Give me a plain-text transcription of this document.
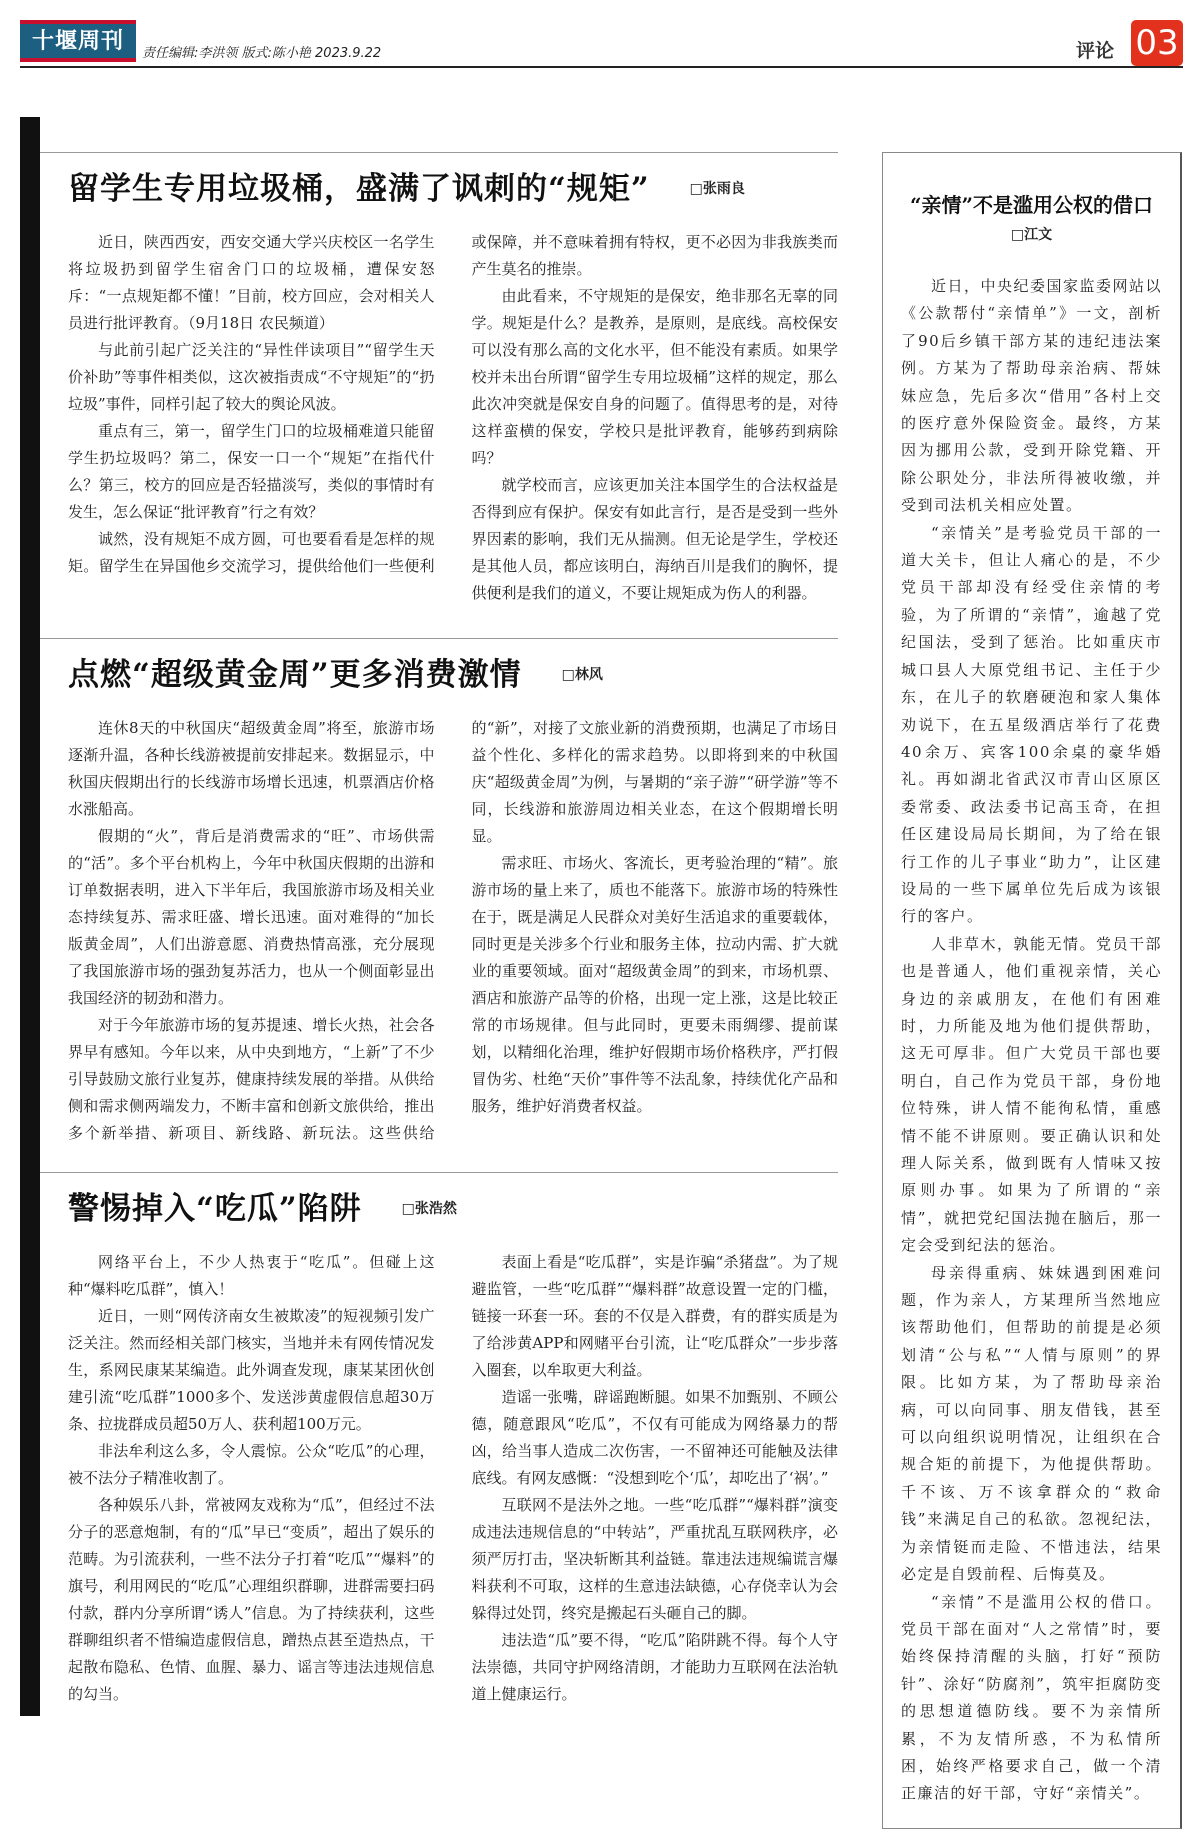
十堰周刊	责任编辑:李洪领 版式:陈小艳 2023.9.22	评论 03
留学生专用垃圾桶，盛满了讽刺的“规矩”	□张雨良

近日，陕西西安，西安交通大学兴庆校区一名学生将垃圾扔到留学生宿舍门口的垃圾桶，遭保安怒斥：“一点规矩都不懂！”目前，校方回应，会对相关人员进行批评教育。（9月18日 农民频道）

与此前引起广泛关注的“异性伴读项目”“留学生天价补助”等事件相类似，这次被指责成“不守规矩”的“扔垃圾”事件，同样引起了较大的舆论风波。

重点有三，第一，留学生门口的垃圾桶难道只能留学生扔垃圾吗？第二，保安一口一个“规矩”在指代什么？第三，校方的回应是否轻描淡写，类似的事情时有发生，怎么保证“批评教育”行之有效？

诚然，没有规矩不成方圆，可也要看看是怎样的规矩。留学生在异国他乡交流学习，提供给他们一些便利或保障，并不意味着拥有特权，更不必因为非我族类而产生莫名的推崇。

由此看来，不守规矩的是保安，绝非那名无辜的同学。规矩是什么？是教养，是原则，是底线。高校保安可以没有那么高的文化水平，但不能没有素质。如果学校并未出台所谓“留学生专用垃圾桶”这样的规定，那么此次冲突就是保安自身的问题了。值得思考的是，对待这样蛮横的保安，学校只是批评教育，能够药到病除吗？

就学校而言，应该更加关注本国学生的合法权益是否得到应有保护。保安有如此言行，是否是受到一些外界因素的影响，我们无从揣测。但无论是学生，学校还是其他人员，都应该明白，海纳百川是我们的胸怀，提供便利是我们的道义，不要让规矩成为伤人的利器。

点燃“超级黄金周”更多消费激情	□林风

连休8天的中秋国庆“超级黄金周”将至，旅游市场逐渐升温，各种长线游被提前安排起来。数据显示，中秋国庆假期出行的长线游市场增长迅速，机票酒店价格水涨船高。

假期的“火”，背后是消费需求的“旺”、市场供需的“活”。多个平台机构上，今年中秋国庆假期的出游和订单数据表明，进入下半年后，我国旅游市场及相关业态持续复苏、需求旺盛、增长迅速。面对难得的“加长版黄金周”，人们出游意愿、消费热情高涨，充分展现了我国旅游市场的强劲复苏活力，也从一个侧面彰显出我国经济的韧劲和潜力。

对于今年旅游市场的复苏提速、增长火热，社会各界早有感知。今年以来，从中央到地方，“上新”了不少引导鼓励文旅行业复苏，健康持续发展的举措。从供给侧和需求侧两端发力，不断丰富和创新文旅供给，推出多个新举措、新项目、新线路、新玩法。这些供给的“新”，对接了文旅业新的消费预期，也满足了市场日益个性化、多样化的需求趋势。以即将到来的中秋国庆“超级黄金周”为例，与暑期的“亲子游”“研学游”等不同，长线游和旅游周边相关业态，在这个假期增长明显。

需求旺、市场火、客流长，更考验治理的“精”。旅游市场的量上来了，质也不能落下。旅游市场的特殊性在于，既是满足人民群众对美好生活追求的重要载体，同时更是关涉多个行业和服务主体，拉动内需、扩大就业的重要领域。面对“超级黄金周”的到来，市场机票、酒店和旅游产品等的价格，出现一定上涨，这是比较正常的市场规律。但与此同时，更要未雨绸缪、提前谋划，以精细化治理，维护好假期市场价格秩序，严打假冒伪劣、杜绝“天价”事件等不法乱象，持续优化产品和服务，维护好消费者权益。

警惕掉入“吃瓜”陷阱	□张浩然

网络平台上，不少人热衷于“吃瓜”。但碰上这种“爆料吃瓜群”，慎入！

近日，一则“网传济南女生被欺凌”的短视频引发广泛关注。然而经相关部门核实，当地并未有网传情况发生，系网民康某某编造。此外调查发现，康某某团伙创建引流“吃瓜群”1000多个、发送涉黄虚假信息超30万条、拉拢群成员超50万人、获利超100万元。

非法牟利这么多，令人震惊。公众“吃瓜”的心理，被不法分子精准收割了。

各种娱乐八卦，常被网友戏称为“瓜”，但经过不法分子的恶意炮制，有的“瓜”早已“变质”，超出了娱乐的范畴。为引流获利，一些不法分子打着“吃瓜”“爆料”的旗号，利用网民的“吃瓜”心理组织群聊，进群需要扫码付款，群内分享所谓“诱人”信息。为了持续获利，这些群聊组织者不惜编造虚假信息，蹭热点甚至造热点，干起散布隐私、色情、血腥、暴力、谣言等违法违规信息的勾当。

表面上看是“吃瓜群”，实是诈骗“杀猪盘”。为了规避监管，一些“吃瓜群”“爆料群”故意设置一定的门槛，链接一环套一环。套的不仅是入群费，有的群实质是为了给涉黄APP和网赌平台引流，让“吃瓜群众”一步步落入圈套，以牟取更大利益。

造谣一张嘴，辟谣跑断腿。如果不加甄别、不顾公德，随意跟风“吃瓜”，不仅有可能成为网络暴力的帮凶，给当事人造成二次伤害，一不留神还可能触及法律底线。有网友感慨：“没想到吃个‘瓜’，却吃出了‘祸’。”

互联网不是法外之地。一些“吃瓜群”“爆料群”演变成违法违规信息的“中转站”，严重扰乱互联网秩序，必须严厉打击，坚决斩断其利益链。靠违法违规编谎言爆料获利不可取，这样的生意违法缺德，心存侥幸认为会躲得过处罚，终究是搬起石头砸自己的脚。

违法造“瓜”要不得，“吃瓜”陷阱跳不得。每个人守法崇德，共同守护网络清朗，才能助力互联网在法治轨道上健康运行。

“亲情”不是滥用公权的借口
□江文

近日，中央纪委国家监委网站以《公款帮付“亲情单”》一文，剖析了90后乡镇干部方某的违纪违法案例。方某为了帮助母亲治病、帮妹妹应急，先后多次“借用”各村上交的医疗意外保险资金。最终，方某因为挪用公款，受到开除党籍、开除公职处分，非法所得被收缴，并受到司法机关相应处置。

“亲情关”是考验党员干部的一道大关卡，但让人痛心的是，不少党员干部却没有经受住亲情的考验，为了所谓的“亲情”，逾越了党纪国法，受到了惩治。比如重庆市城口县人大原党组书记、主任于少东，在儿子的软磨硬泡和家人集体劝说下，在五星级酒店举行了花费40余万、宾客100余桌的豪华婚礼。再如湖北省武汉市青山区原区委常委、政法委书记高玉奇，在担任区建设局局长期间，为了给在银行工作的儿子事业“助力”，让区建设局的一些下属单位先后成为该银行的客户。

人非草木，孰能无情。党员干部也是普通人，他们重视亲情，关心身边的亲戚朋友，在他们有困难时，力所能及地为他们提供帮助，这无可厚非。但广大党员干部也要明白，自己作为党员干部，身份地位特殊，讲人情不能徇私情，重感情不能不讲原则。要正确认识和处理人际关系，做到既有人情味又按原则办事。如果为了所谓的“亲情”，就把党纪国法抛在脑后，那一定会受到纪法的惩治。

母亲得重病、妹妹遇到困难问题，作为亲人，方某理所当然地应该帮助他们，但帮助的前提是必须划清“公与私”“人情与原则”的界限。比如方某，为了帮助母亲治病，可以向同事、朋友借钱，甚至可以向组织说明情况，让组织在合规合矩的前提下，为他提供帮助。千不该、万不该拿群众的“救命钱”来满足自己的私欲。忽视纪法，为亲情铤而走险、不惜违法，结果必定是自毁前程、后悔莫及。

“亲情”不是滥用公权的借口。党员干部在面对“人之常情”时，要始终保持清醒的头脑，打好“预防针”、涂好“防腐剂”，筑牢拒腐防变的思想道德防线。要不为亲情所累，不为友情所惑，不为私情所困，始终严格要求自己，做一个清正廉洁的好干部，守好“亲情关”。
